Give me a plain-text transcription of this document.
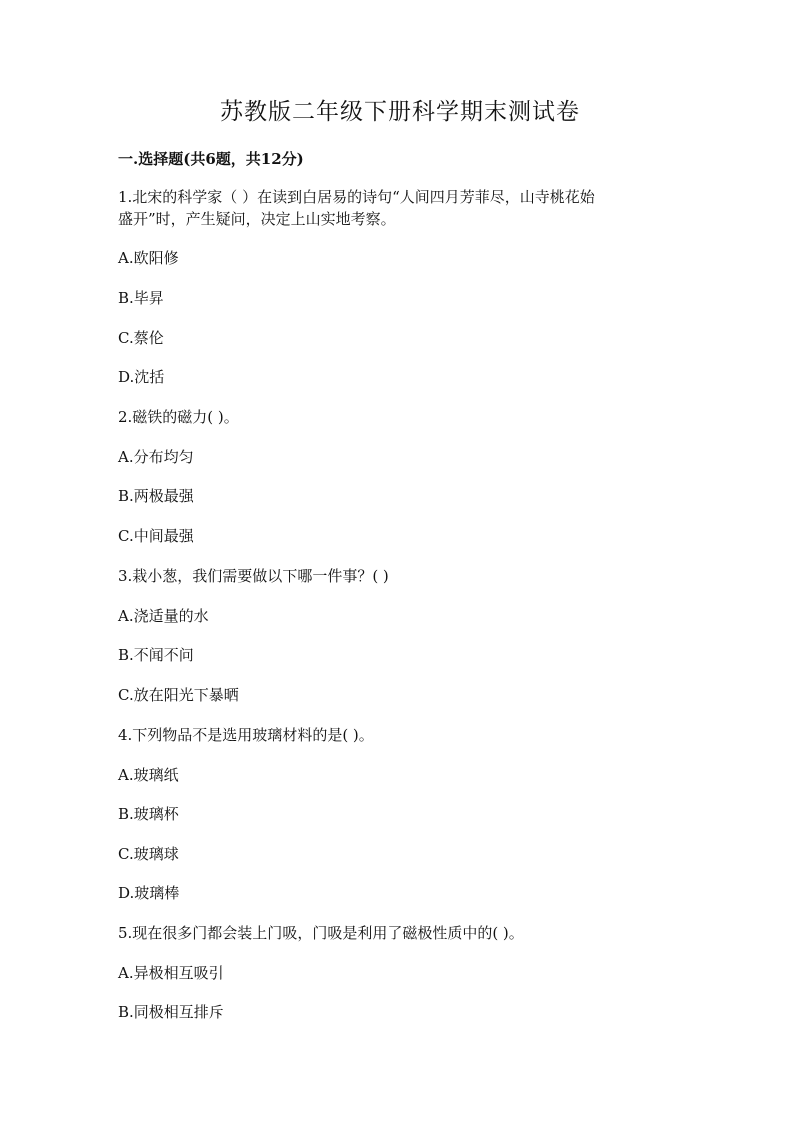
苏教版二年级下册科学期末测试卷
一.选择题(共6题，共12分)
1.北宋的科学家（ ）在读到白居易的诗句“人间四月芳菲尽，山寺桃花始
盛开”时，产生疑问，决定上山实地考察。
A.欧阳修
B.毕昇
C.蔡伦
D.沈括
2.磁铁的磁力( )。
A.分布均匀
B.两极最强
C.中间最强
3.栽小葱，我们需要做以下哪一件事？( )
A.浇适量的水
B.不闻不问
C.放在阳光下暴晒
4.下列物品不是选用玻璃材料的是( )。
A.玻璃纸
B.玻璃杯
C.玻璃球
D.玻璃棒
5.现在很多门都会装上门吸，门吸是利用了磁极性质中的( )。
A.异极相互吸引
B.同极相互排斥
